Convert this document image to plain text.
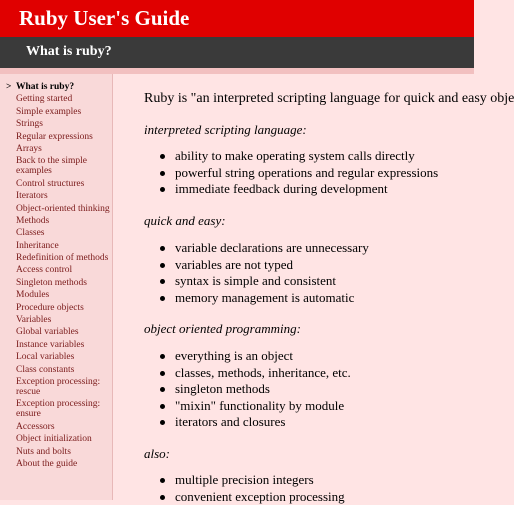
Ruby User's Guide
What is ruby?
> What is ruby?
Getting started
Simple examples
Strings
Regular expressions
Arrays
Back to the simple examples
Control structures
Iterators
Object-oriented thinking
Methods
Classes
Inheritance
Redefinition of methods
Access control
Singleton methods
Modules
Procedure objects
Variables
Global variables
Instance variables
Local variables
Class constants
Exception processing: rescue
Exception processing: ensure
Accessors
Object initialization
Nuts and bolts
About the guide
Ruby is "an interpreted scripting language for quick and easy obje
interpreted scripting language:
ability to make operating system calls directly
powerful string operations and regular expressions
immediate feedback during development
quick and easy:
variable declarations are unnecessary
variables are not typed
syntax is simple and consistent
memory management is automatic
object oriented programming:
everything is an object
classes, methods, inheritance, etc.
singleton methods
"mixin" functionality by module
iterators and closures
also:
multiple precision integers
convenient exception processing
